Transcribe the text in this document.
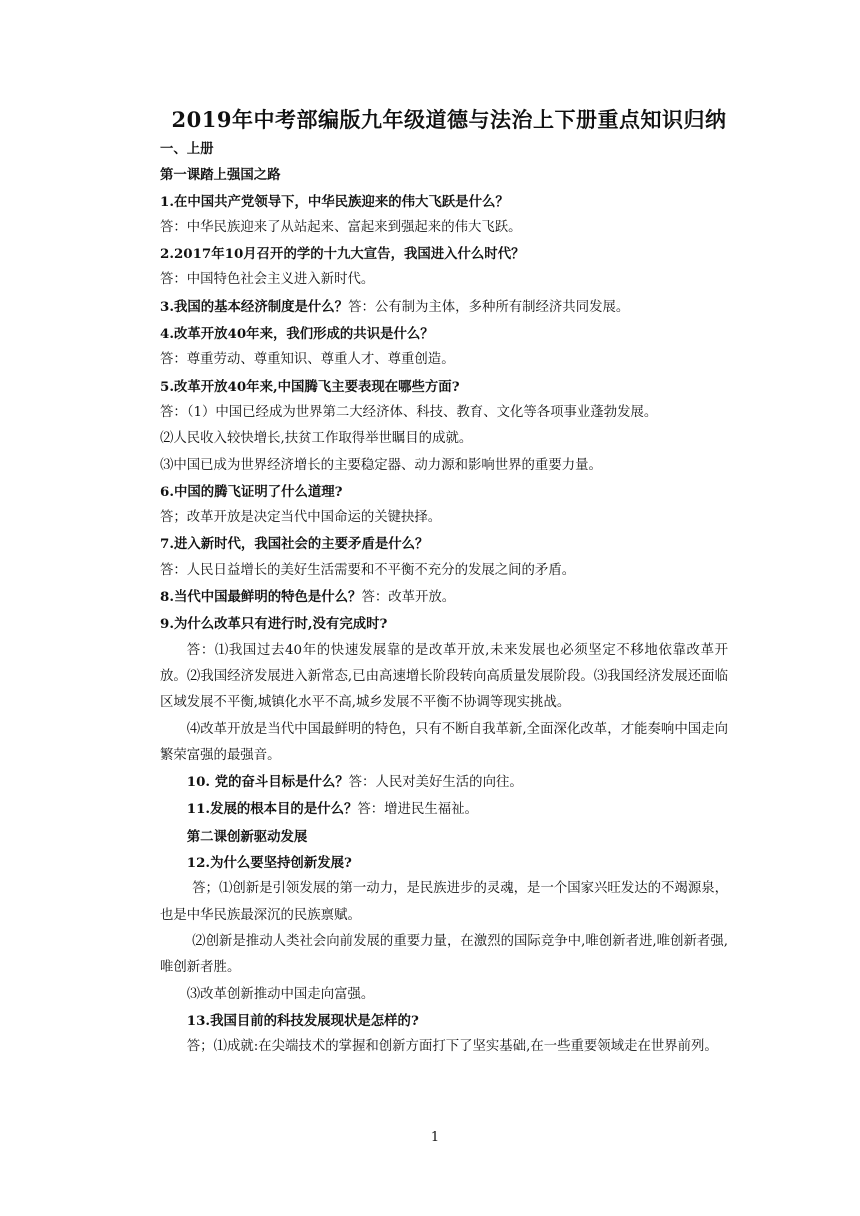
2019年中考部编版九年级道德与法治上下册重点知识归纳

一、上册

第一课踏上强国之路

1.在中国共产党领导下，中华民族迎来的伟大飞跃是什么？

答：中华民族迎来了从站起来、富起来到强起来的伟大飞跃。

2.2017年10月召开的学的十九大宣告，我国进入什么时代？

答：中国特色社会主义进入新时代。

3.我国的基本经济制度是什么？答：公有制为主体，多种所有制经济共同发展。

4.改革开放40年来，我们形成的共识是什么？

答：尊重劳动、尊重知识、尊重人才、尊重创造。

5.改革开放40年来,中国腾飞主要表现在哪些方面?

答：（1）中国已经成为世界第二大经济体、科技、教育、文化等各项事业蓬勃发展。

⑵人民收入较快增长,扶贫工作取得举世瞩目的成就。

⑶中国已成为世界经济增长的主要稳定器、动力源和影响世界的重要力量。

6.中国的腾飞证明了什么道理?

答；改革开放是决定当代中国命运的关键抉择。

7.进入新时代，我国社会的主要矛盾是什么？

答：人民日益增长的美好生活需要和不平衡不充分的发展之间的矛盾。

8.当代中国最鲜明的特色是什么？答：改革开放。

9.为什么改革只有进行时,没有完成时?

答：⑴我国过去40年的快速发展靠的是改革开放,未来发展也必须坚定不移地依靠改革开放。⑵我国经济发展进入新常态,已由高速增长阶段转向高质量发展阶段。⑶我国经济发展还面临区域发展不平衡,城镇化水平不高,城乡发展不平衡不协调等现实挑战。

⑷改革开放是当代中国最鲜明的特色，只有不断自我革新,全面深化改革，才能奏响中国走向繁荣富强的最强音。

10. 党的奋斗目标是什么？答：人民对美好生活的向往。

11.发展的根本目的是什么？答：增进民生福祉。

第二课创新驱动发展

12.为什么要坚持创新发展?

答；⑴创新是引领发展的第一动力，是民族进步的灵魂，是一个国家兴旺发达的不竭源泉，也是中华民族最深沉的民族禀赋。

⑵创新是推动人类社会向前发展的重要力量，在激烈的国际竞争中,唯创新者进,唯创新者强,唯创新者胜。

⑶改革创新推动中国走向富强。

13.我国目前的科技发展现状是怎样的?

答；⑴成就:在尖端技术的掌握和创新方面打下了坚实基础,在一些重要领域走在世界前列。

1
